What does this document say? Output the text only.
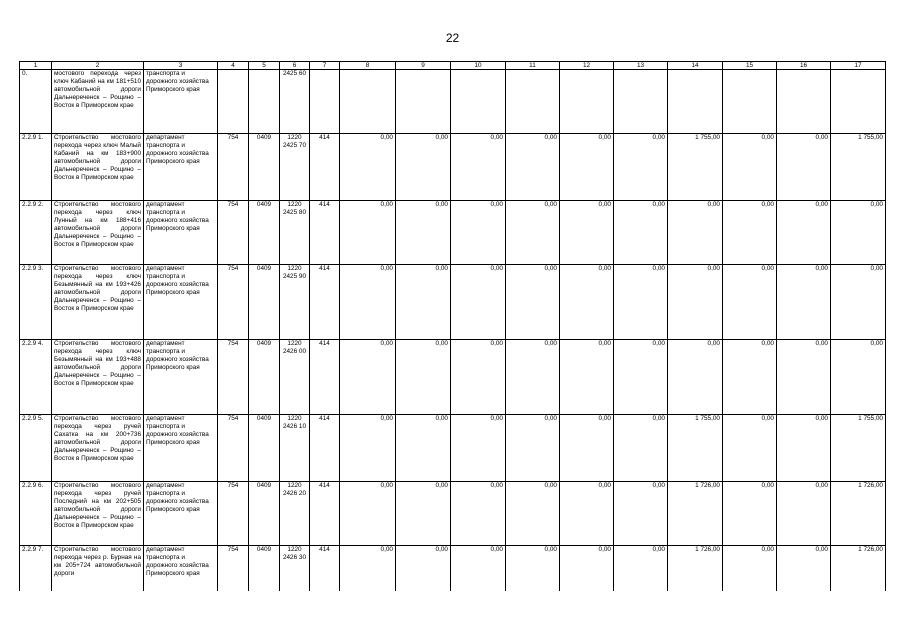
22
1	2	3	4	5	6	7	8	9	10	11	12	13	14	15	16	17
0.	мостового перехода через ключ Кабаний на км 181+510 автомобильной дороги Дальнереченск – Рощино – Восток в Приморском крае	транспорта и дорожного хозяйства Приморского края			2425 60											
2.2.9 1.	Строительство мостового перехода через ключ Малый Кабаний на км 183+900 автомобильной дороги Дальнереченск – Рощино – Восток в Приморском крае	департамент транспорта и дорожного хозяйства Приморского края	754	0409	1220 2425 70	414	0,00	0,00	0,00	0,00	0,00	0,00	1 755,00	0,00	0,00	1 755,00
2.2.9 2.	Строительство мостового перехода через ключ Лунный на км 188+416 автомобильной дороги Дальнереченск – Рощино – Восток в Приморском крае	департамент транспорта и дорожного хозяйства Приморского края	754	0409	1220 2425 80	414	0,00	0,00	0,00	0,00	0,00	0,00	0,00	0,00	0,00	0,00
2.2.9 3.	Строительство мостового перехода через ключ Безымянный на км 193+426 автомобильной дороги Дальнереченск – Рощино – Восток в Приморском крае	департамент транспорта и дорожного хозяйства Приморского края	754	0409	1220 2425 90	414	0,00	0,00	0,00	0,00	0,00	0,00	0,00	0,00	0,00	0,00
2.2.9 4.	Строительство мостового перехода через ключ Безымянный на км 193+488 автомобильной дороги Дальнереченск – Рощино – Восток в Приморском крае	департамент транспорта и дорожного хозяйства Приморского края	754	0409	1220 2426 00	414	0,00	0,00	0,00	0,00	0,00	0,00	0,00	0,00	0,00	0,00
2.2.9 5.	Строительство мостового перехода через ручей Сахатка на км 200+736 автомобильной дороги Дальнереченск – Рощино – Восток в Приморском крае	департамент транспорта и дорожного хозяйства Приморского края	754	0409	1220 2426 10	414	0,00	0,00	0,00	0,00	0,00	0,00	1 755,00	0,00	0,00	1 755,00
2.2.9 6.	Строительство мостового перехода через ручей Последний на км 202+505 автомобильной дороги Дальнереченск – Рощино – Восток в Приморском крае	департамент транспорта и дорожного хозяйства Приморского края	754	0409	1220 2426 20	414	0,00	0,00	0,00	0,00	0,00	0,00	1 726,00	0,00	0,00	1 726,00
2.2.9 7.	Строительство мостового перехода через р. Бурная на км 205+724 автомобильной дороги	департамент транспорта и дорожного хозяйства Приморского края	754	0409	1220 2426 30	414	0,00	0,00	0,00	0,00	0,00	0,00	1 726,00	0,00	0,00	1 726,00
